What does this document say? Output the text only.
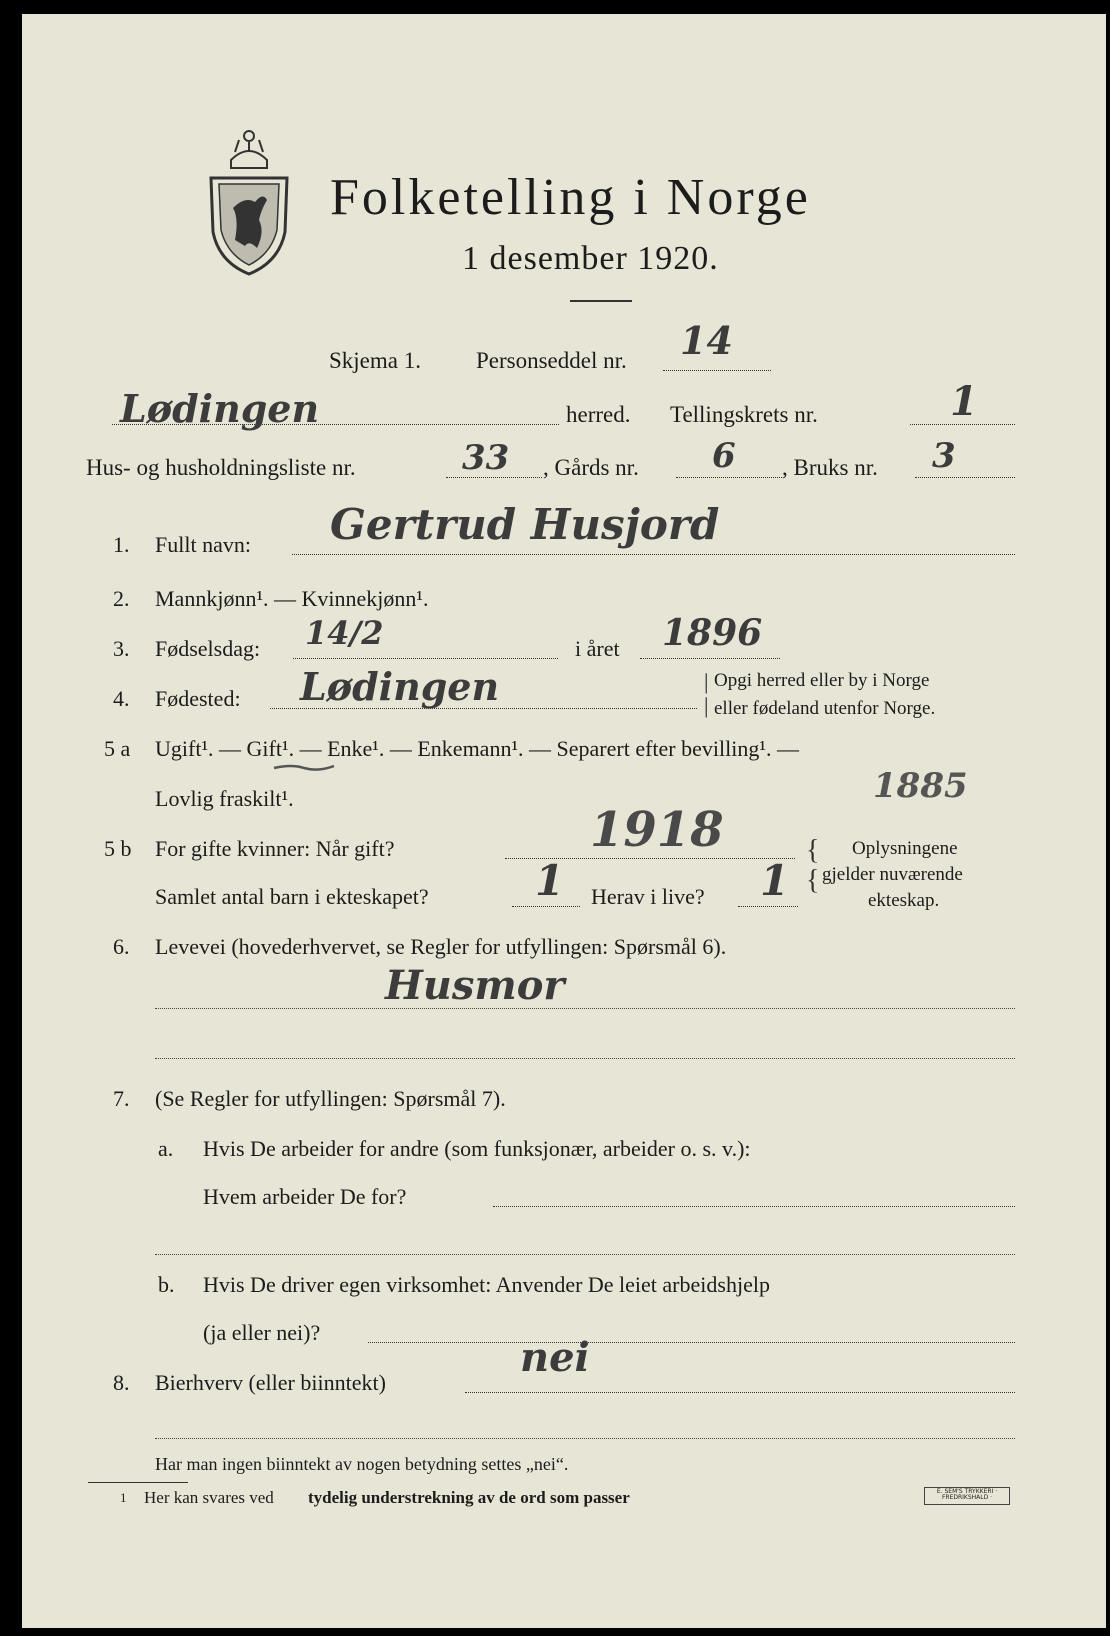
Folketelling i Norge
1 desember 1920.
Skjema 1. Personseddel nr. 14
Lødingen	herred. Tellingskrets nr.	1
Hus- og husholdningsliste nr.	33 , Gårds nr. 6 , Bruks nr. 3
1. Fullt navn: Gertrud Husjord
2. Mannkjønn¹. — Kvinnekjønn¹.
3. Fødselsdag: 14/2	i året 1896
4. Fødested: Lødingen	|
|
Opgi herred eller by i Norge
eller fødeland utenfor Norge.
5 a Ugift¹. — Gift¹. — Enke¹. — Enkemann¹. — Separert efter bevilling¹. —
Lovlig fraskilt¹.	1885
5 b For gifte kvinner: Når gift?	1918
Samlet antal barn i ekteskapet?	1 Herav i live? 1
{
{
Oplysningene
gjelder nuværende
ekteskap.
6. Levevei (hovederhvervet, se Regler for utfyllingen: Spørsmål 6).
Husmor
7. (Se Regler for utfyllingen: Spørsmål 7).
a. Hvis De arbeider for andre (som funksjonær, arbeider o. s. v.):
Hvem arbeider De for?
b. Hvis De driver egen virksomhet: Anvender De leiet arbeidshjelp
(ja eller nei)?
8. Bierhverv (eller biinntekt)
nei
Har man ingen biinntekt av nogen betydning settes „nei“.
1 Her kan svares ved tydelig understrekning av de ord som passer	E. SEM'S TRYKKERI · FREDRIKSHALD ·
